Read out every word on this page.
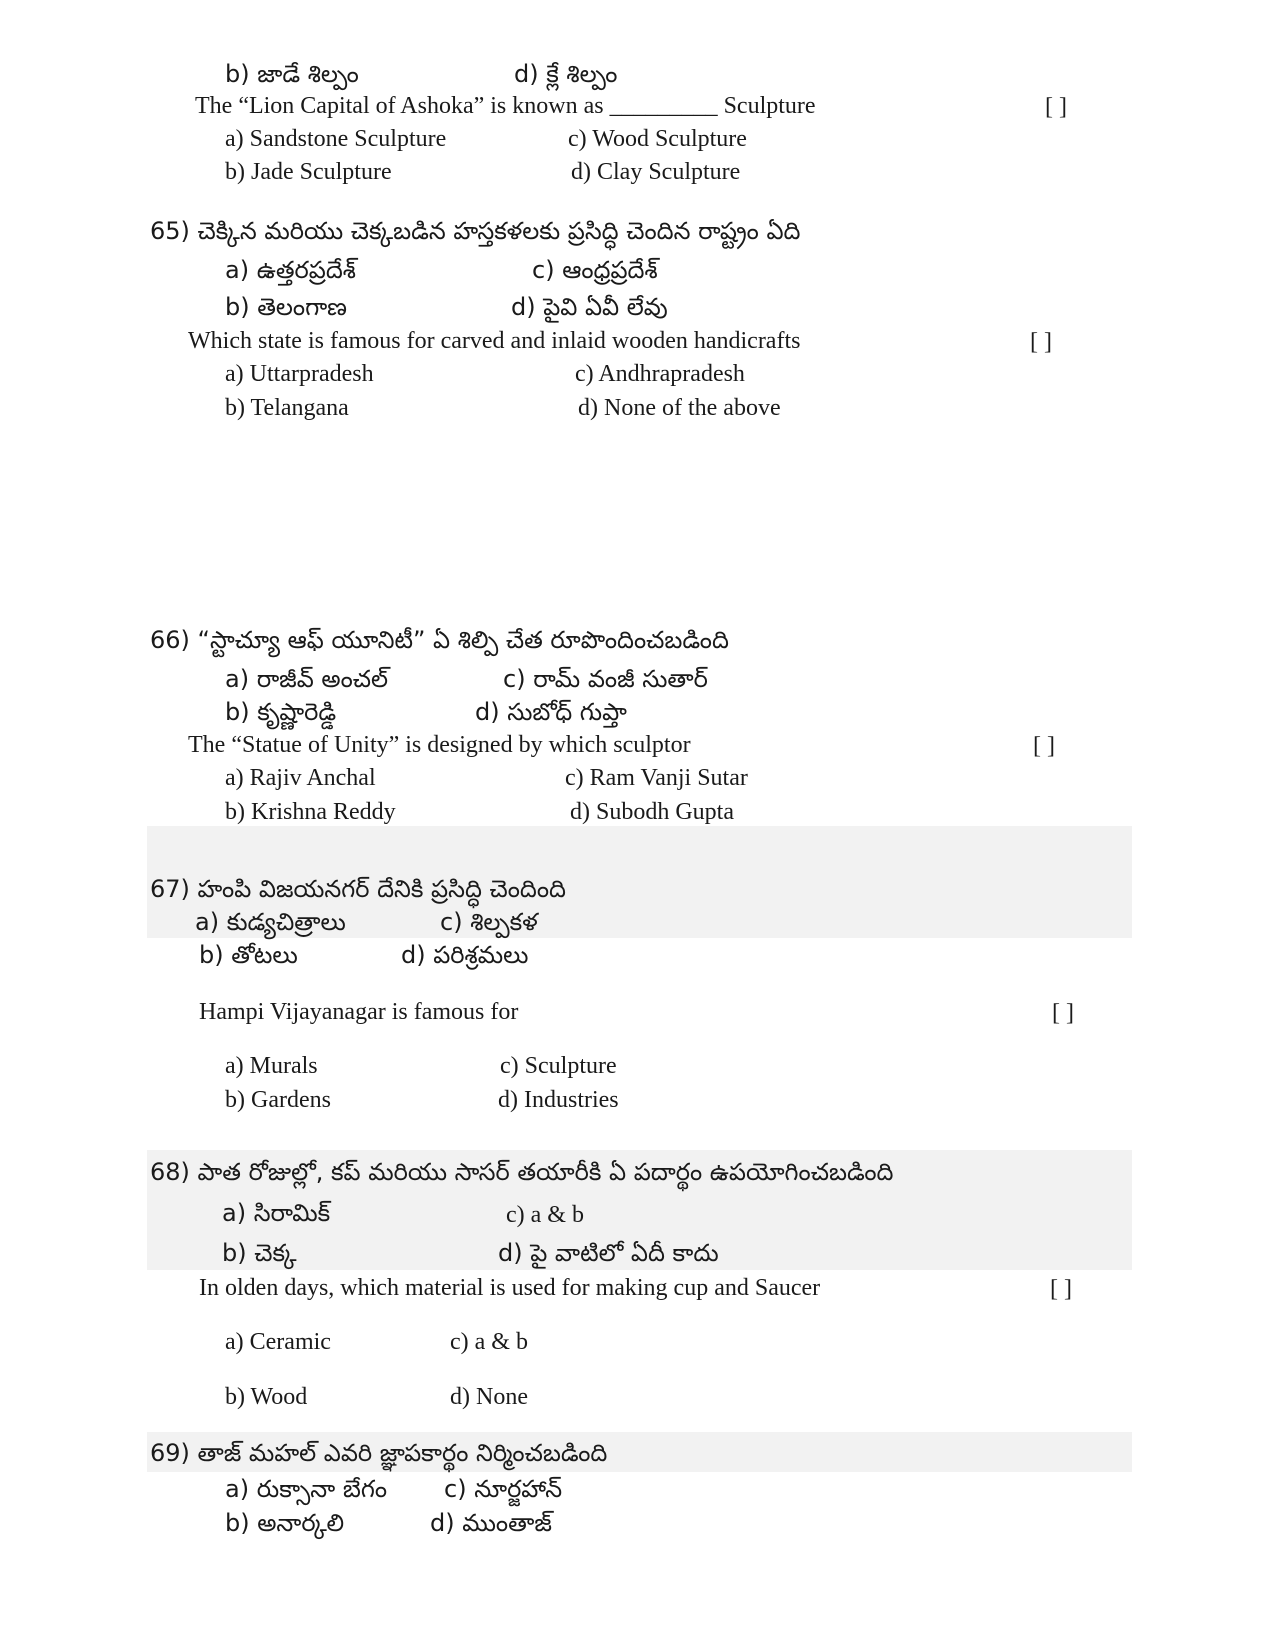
b) జాడే శిల్పం	d) క్లే శిల్పం
The “Lion Capital of Ashoka” is known as _________ Sculpture	[ ]
a) Sandstone Sculpture	c) Wood Sculpture
b) Jade Sculpture	d) Clay Sculpture
65) చెక్కిన మరియు చెక్కబడిన హస్తకళలకు ప్రసిద్ధి చెందిన రాష్ట్రం ఏది
a) ఉత్తరప్రదేశ్	c) ఆంధ్రప్రదేశ్
b) తెలంగాణ	d) పైవి ఏవీ లేవు
Which state is famous for carved and inlaid wooden handicrafts	[ ]
a) Uttarpradesh	c) Andhrapradesh
b) Telangana	d) None of the above
66) “స్టాచ్యూ ఆఫ్ యూనిటీ” ఏ శిల్పి చేత రూపొందించబడింది
a) రాజీవ్ అంచల్	c) రామ్ వంజీ సుతార్
b) కృష్ణారెడ్డి	d) సుబోధ్ గుప్తా
The “Statue of Unity” is designed by which sculptor	[ ]
a) Rajiv Anchal	c) Ram Vanji Sutar
b) Krishna Reddy	d) Subodh Gupta
67) హంపి విజయనగర్ దేనికి ప్రసిద్ధి చెందింది
a) కుడ్యచిత్రాలు	c) శిల్పకళ
b) తోటలు	d) పరిశ్రమలు
Hampi Vijayanagar is famous for	[ ]
a) Murals	c) Sculpture
b) Gardens	d) Industries
68) పాత రోజుల్లో, కప్ మరియు సాసర్ తయారీకి ఏ పదార్థం ఉపయోగించబడింది
a) సిరామిక్	c) a & b
b) చెక్క	d) పై వాటిలో ఏదీ కాదు
In olden days, which material is used for making cup and Saucer	[ ]
a) Ceramic	c) a & b
b) Wood	d) None
69) తాజ్ మహల్ ఎవరి జ్ఞాపకార్థం నిర్మించబడింది
a) రుక్సానా బేగం c) నూర్జహాన్
b) అనార్కలి	d) ముంతాజ్
